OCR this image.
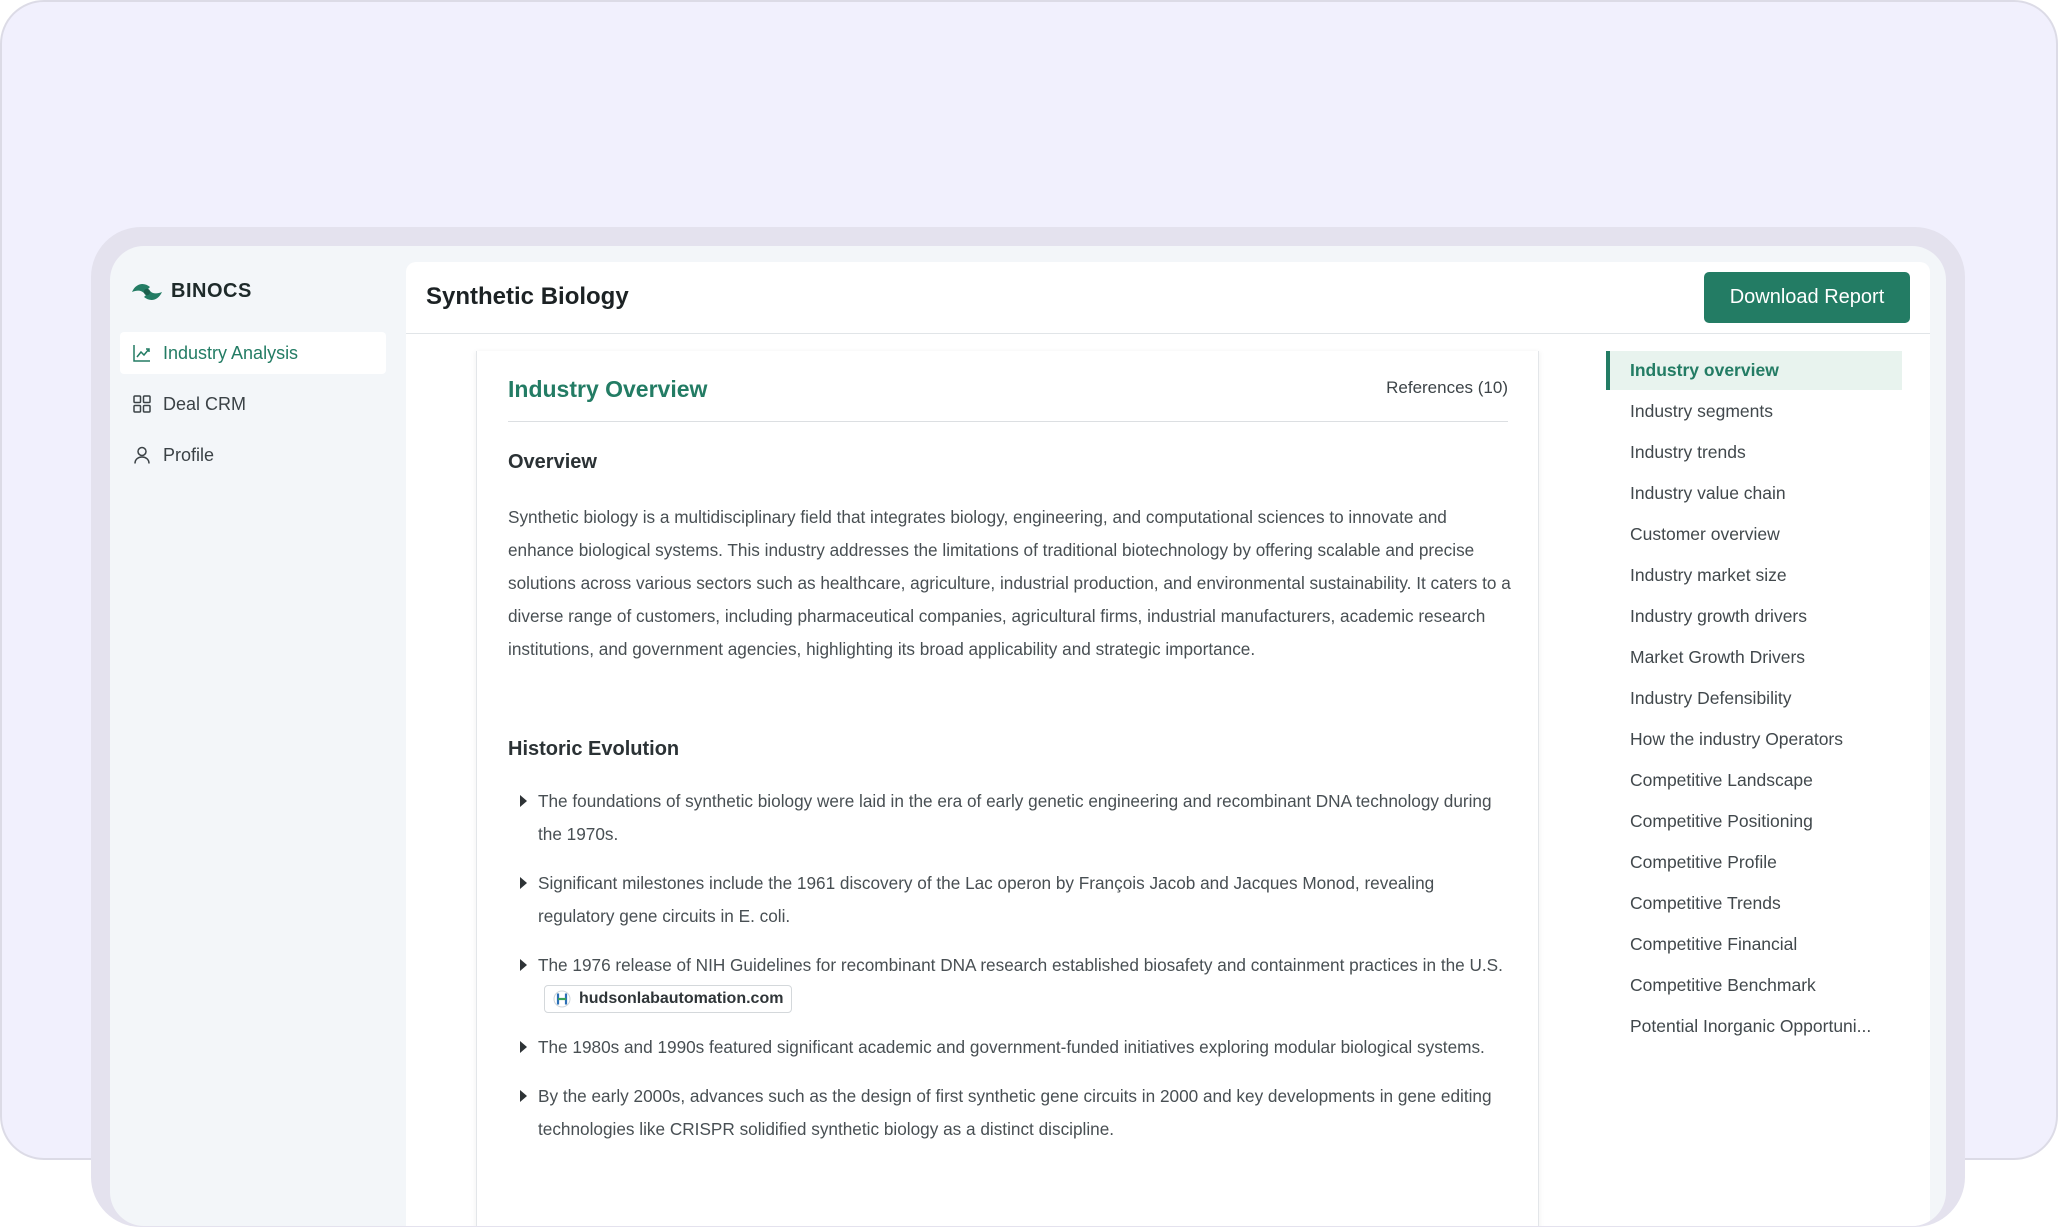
BINOCS
Industry Analysis
Deal CRM
Profile
Synthetic Biology	Download Report
Industry Overview	References (10)
Overview
Synthetic biology is a multidisciplinary field that integrates biology, engineering, and computational sciences to innovate and enhance biological systems. This industry addresses the limitations of traditional biotechnology by offering scalable and precise solutions across various sectors such as healthcare, agriculture, industrial production, and environmental sustainability. It caters to a diverse range of customers, including pharmaceutical companies, agricultural firms, industrial manufacturers, academic research institutions, and government agencies, highlighting its broad applicability and strategic importance.
Historic Evolution
The foundations of synthetic biology were laid in the era of early genetic engineering and recombinant DNA technology during the 1970s.
Significant milestones include the 1961 discovery of the Lac operon by François Jacob and Jacques Monod, revealing regulatory gene circuits in E. coli.
The 1976 release of NIH Guidelines for recombinant DNA research established biosafety and containment practices in the U.S.
hudsonlabautomation.com
The 1980s and 1990s featured significant academic and government-funded initiatives exploring modular biological systems.
By the early 2000s, advances such as the design of first synthetic gene circuits in 2000 and key developments in gene editing technologies like CRISPR solidified synthetic biology as a distinct discipline.
Industry overview
Industry segments
Industry trends
Industry value chain
Customer overview
Industry market size
Industry growth drivers
Market Growth Drivers
Industry Defensibility
How the industry Operators
Competitive Landscape
Competitive Positioning
Competitive Profile
Competitive Trends
Competitive Financial
Competitive Benchmark
Potential Inorganic Opportuni...
